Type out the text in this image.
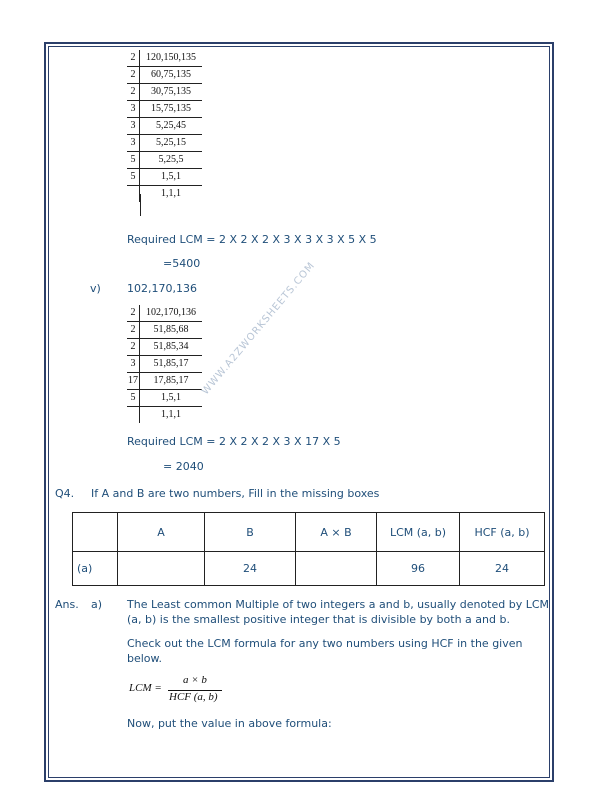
2	120,150,135
2	60,75,135
2	30,75,135
3	15,75,135
3	5,25,45
3	5,25,15
5	5,25,5
5	1,5,1
	1,1,1
Required LCM = 2 X 2 X 2 X 3 X 3 X 3 X 5 X 5
=5400
v) 102,170,136
2	102,170,136
2	51,85,68
2	51,85,34
3	51,85,17
17	17,85,17
5	1,5,1
	1,1,1
Required LCM = 2 X 2 X 2 X 3 X 17 X 5
= 2040
WWW.A2ZWORKSHEETS.COM
Q4. If A and B are two numbers, Fill in the missing boxes
	A	B	A × B	LCM (a, b)	HCF (a, b)
(a)		24		96	24
Ans. a) The Least common Multiple of two integers a and b, usually denoted by LCM
(a, b) is the smallest positive integer that is divisible by both a and b.
Check out the LCM formula for any two numbers using HCF in the given
below.
LCM =
a × b
HCF (a, b)
Now, put the value in above formula:
